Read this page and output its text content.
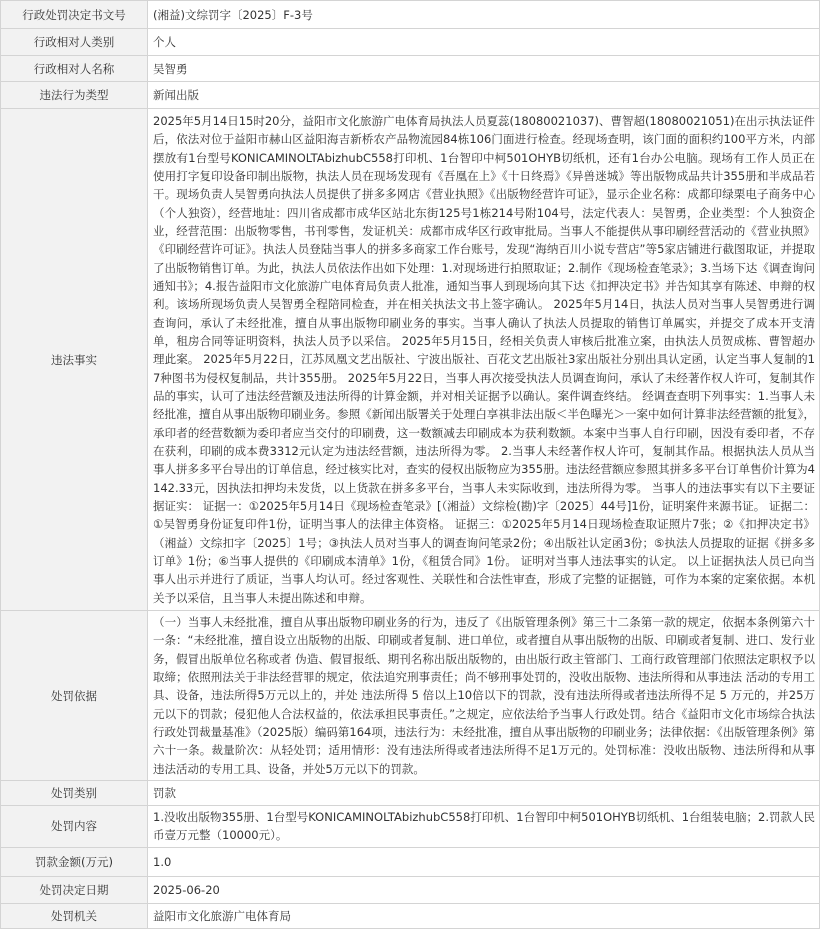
行政处罚决定书文号	(湘益)文综罚字〔2025〕F-3号
行政相对人类别	个人
行政相对人名称	吴智勇
违法行为类型	新闻出版
违法事实	2025年5月14日15时20分，益阳市文化旅游广电体育局执法人员夏蕊(18080021037)、曹智超(18080021051)在出示执法证件后，依法对位于益阳市赫山区益阳海吉新桥农产品物流园84栋106门面进行检查。经现场查明，该门面的面积约100平方米，内部摆放有1台型号KONICAMINOLTAbizhubC558打印机、1台智印中柯501OHYB切纸机，还有1台办公电脑。现场有工作人员正在使用打字复印设备印制出版物，执法人员在现场发现有《吾凰在上》《十日终焉》《异兽迷城》等出版物成品共计355册和半成品若干。现场负责人吴智勇向执法人员提供了拼多多网店《营业执照》《出版物经营许可证》，显示企业名称：成都印绿栗电子商务中心（个人独资），经营地址：四川省成都市成华区站北东街125号1栋214号附104号，法定代表人：吴智勇，企业类型：个人独资企业，经营范围：出版物零售，书刊零售，发证机关：成都市成华区行政审批局。当事人不能提供从事印刷经营活动的《营业执照》《印刷经营许可证》。执法人员登陆当事人的拼多多商家工作台账号，发现“海纳百川小说专营店”等5家店铺进行截图取证，并提取了出版物销售订单。为此，执法人员依法作出如下处理：1.对现场进行拍照取证；2.制作《现场检查笔录》；3.当场下达《调查询问通知书》；4.报告益阳市文化旅游广电体育局负责人批准，通知当事人到现场向其下达《扣押决定书》并告知其享有陈述、申辩的权利。该场所现场负责人吴智勇全程陪同检查，并在相关执法文书上签字确认。 2025年5月14日，执法人员对当事人吴智勇进行调查询问，承认了未经批准，擅自从事出版物印刷业务的事实。当事人确认了执法人员提取的销售订单属实，并提交了成本开支清单，租房合同等证明资料，执法人员予以采信。 2025年5月15日，经相关负责人审核后批准立案，由执法人员贺成栋、曹智超办理此案。 2025年5月22日，江苏凤凰文艺出版社、宁波出版社、百花文艺出版社3家出版社分别出具认定函，认定当事人复制的17种图书为侵权复制品，共计355册。 2025年5月22日，当事人再次接受执法人员调查询问，承认了未经著作权人许可，复制其作品的事实，认可了违法经营额及违法所得的计算金额，并对相关证据予以确认。案件调查终结。 经调查查明下列事实：1.当事人未经批准，擅自从事出版物印刷业务。参照《新闻出版署关于处理白享祺非法出版＜半色曝光＞一案中如何计算非法经营额的批复》，承印者的经营数额为委印者应当交付的印刷费，这一数额减去印刷成本为获利数额。本案中当事人自行印刷，因没有委印者，不存在获利，印刷的成本费3312元认定为违法经营额，违法所得为零。 2.当事人未经著作权人许可，复制其作品。根据执法人员从当事人拼多多平台导出的订单信息，经过核实比对，查实的侵权出版物应为355册。违法经营额应参照其拼多多平台订单售价计算为4142.33元，因执法扣押均未发货，以上货款在拼多多平台，当事人未实际收到，违法所得为零。 当事人的违法事实有以下主要证据证实： 证据一：①2025年5月14日《现场检查笔录》[（湘益）文综检(勘)字〔2025〕44号]1份，证明案件来源书证。 证据二：①吴智勇身份证复印件1份，证明当事人的法律主体资格。 证据三：①2025年5月14日现场检查取证照片7张；②《扣押决定书》（湘益）文综扣字〔2025〕1号；③执法人员对当事人的调查询问笔录2份；④出版社认定函3份；⑤执法人员提取的证据《拼多多订单》1份；⑥当事人提供的《印刷成本清单》1份，《租赁合同》1份。 证明对当事人违法事实的认定。 以上证据执法人员已向当事人出示并进行了质证，当事人均认可。经过客观性、关联性和合法性审查，形成了完整的证据链，可作为本案的定案依据。本机关予以采信，且当事人未提出陈述和申辩。

处罚依据	（一）当事人未经批准，擅自从事出版物印刷业务的行为，违反了《出版管理条例》第三十二条第一款的规定，依据本条例第六十一条：“未经批准，擅自设立出版物的出版、印刷或者复制、进口单位，或者擅自从事出版物的出版、印刷或者复制、进口、发行业务，假冒出版单位名称或者 伪造、假冒报纸、期刊名称出版出版物的，由出版行政主管部门、工商行政管理部门依照法定职权予以取缔；依照刑法关于非法经营罪的规定，依法追究刑事责任；尚不够刑事处罚的，没收出版物、违法所得和从事违法 活动的专用工具、设备，违法所得5万元以上的，并处 违法所得 5 倍以上10倍以下的罚款，没有违法所得或者违法所得不足 5 万元的，并25万元以下的罚款；侵犯他人合法权益的，依法承担民事责任。”之规定，应依法给予当事人行政处罚。结合《益阳市文化市场综合执法行政处罚裁量基准》（2025版）编码第164项，违法行为：未经批准，擅自从事出版物的印刷业务；法律依据：《出版管理条例》第六十一条。裁量阶次：从轻处罚；适用情形：没有违法所得或者违法所得不足1万元的。处罚标准：没收出版物、违法所得和从事违法活动的专用工具、设备，并处5万元以下的罚款。

处罚类别	罚款
处罚内容	1.没收出版物355册、1台型号KONICAMINOLTAbizhubC558打印机、1台智印中柯501OHYB切纸机、1台组装电脑；2.罚款人民币壹万元整（10000元）。

罚款金额(万元)	1.0
处罚决定日期	2025-06-20
处罚机关	益阳市文化旅游广电体育局
